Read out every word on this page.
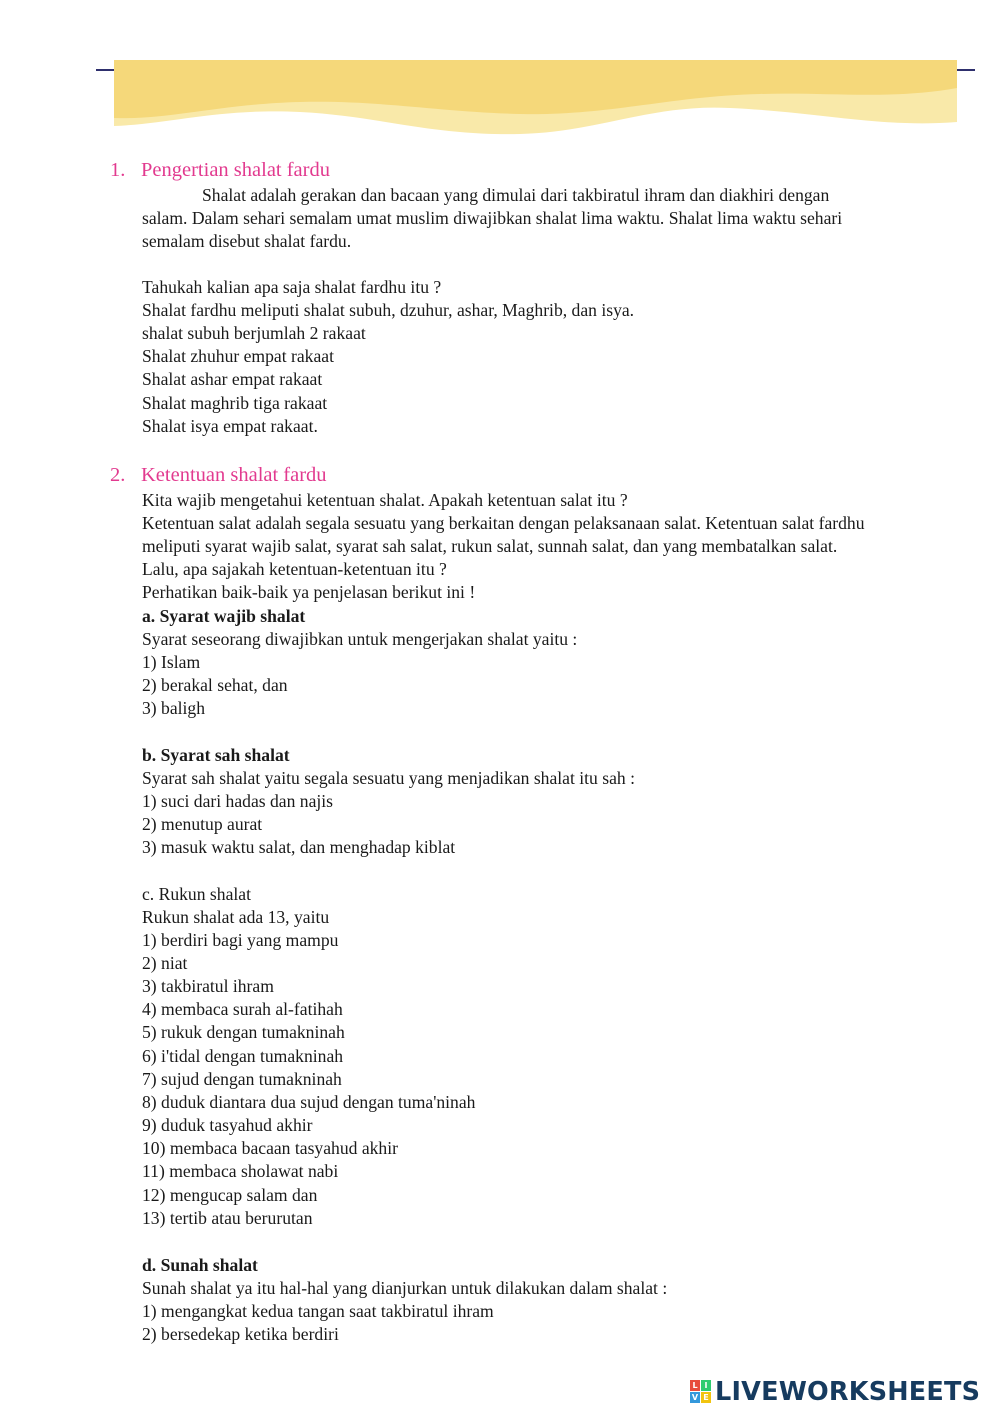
1. Pengertian shalat fardu
Shalat adalah gerakan dan bacaan yang dimulai dari takbiratul ihram dan diakhiri dengan
salam. Dalam sehari semalam umat muslim diwajibkan shalat lima waktu. Shalat lima waktu sehari
semalam disebut shalat fardu.
Tahukah kalian apa saja shalat fardhu itu ?
Shalat fardhu meliputi shalat subuh, dzuhur, ashar, Maghrib, dan isya.
shalat subuh berjumlah 2 rakaat
Shalat zhuhur empat rakaat
Shalat ashar empat rakaat
Shalat maghrib tiga rakaat
Shalat isya empat rakaat.
2. Ketentuan shalat fardu
Kita wajib mengetahui ketentuan shalat. Apakah ketentuan salat itu ?
Ketentuan salat adalah segala sesuatu yang berkaitan dengan pelaksanaan salat. Ketentuan salat fardhu
meliputi syarat wajib salat, syarat sah salat, rukun salat, sunnah salat, dan yang membatalkan salat.
Lalu, apa sajakah ketentuan-ketentuan itu ?
Perhatikan baik-baik ya penjelasan berikut ini !
a. Syarat wajib shalat
Syarat seseorang diwajibkan untuk mengerjakan shalat yaitu :
1) Islam
2) berakal sehat, dan
3) baligh
b. Syarat sah shalat
Syarat sah shalat yaitu segala sesuatu yang menjadikan shalat itu sah :
1) suci dari hadas dan najis
2) menutup aurat
3) masuk waktu salat, dan menghadap kiblat
c. Rukun shalat
Rukun shalat ada 13, yaitu
1) berdiri bagi yang mampu
2) niat
3) takbiratul ihram
4) membaca surah al-fatihah
5) rukuk dengan tumakninah
6) i'tidal dengan tumakninah
7) sujud dengan tumakninah
8) duduk diantara dua sujud dengan tuma'ninah
9) duduk tasyahud akhir
10) membaca bacaan tasyahud akhir
11) membaca sholawat nabi
12) mengucap salam dan
13) tertib atau berurutan
d. Sunah shalat
Sunah shalat ya itu hal-hal yang dianjurkan untuk dilakukan dalam shalat :
1) mengangkat kedua tangan saat takbiratul ihram
2) bersedekap ketika berdiri
L I
V E LIVEWORKSHEETS
